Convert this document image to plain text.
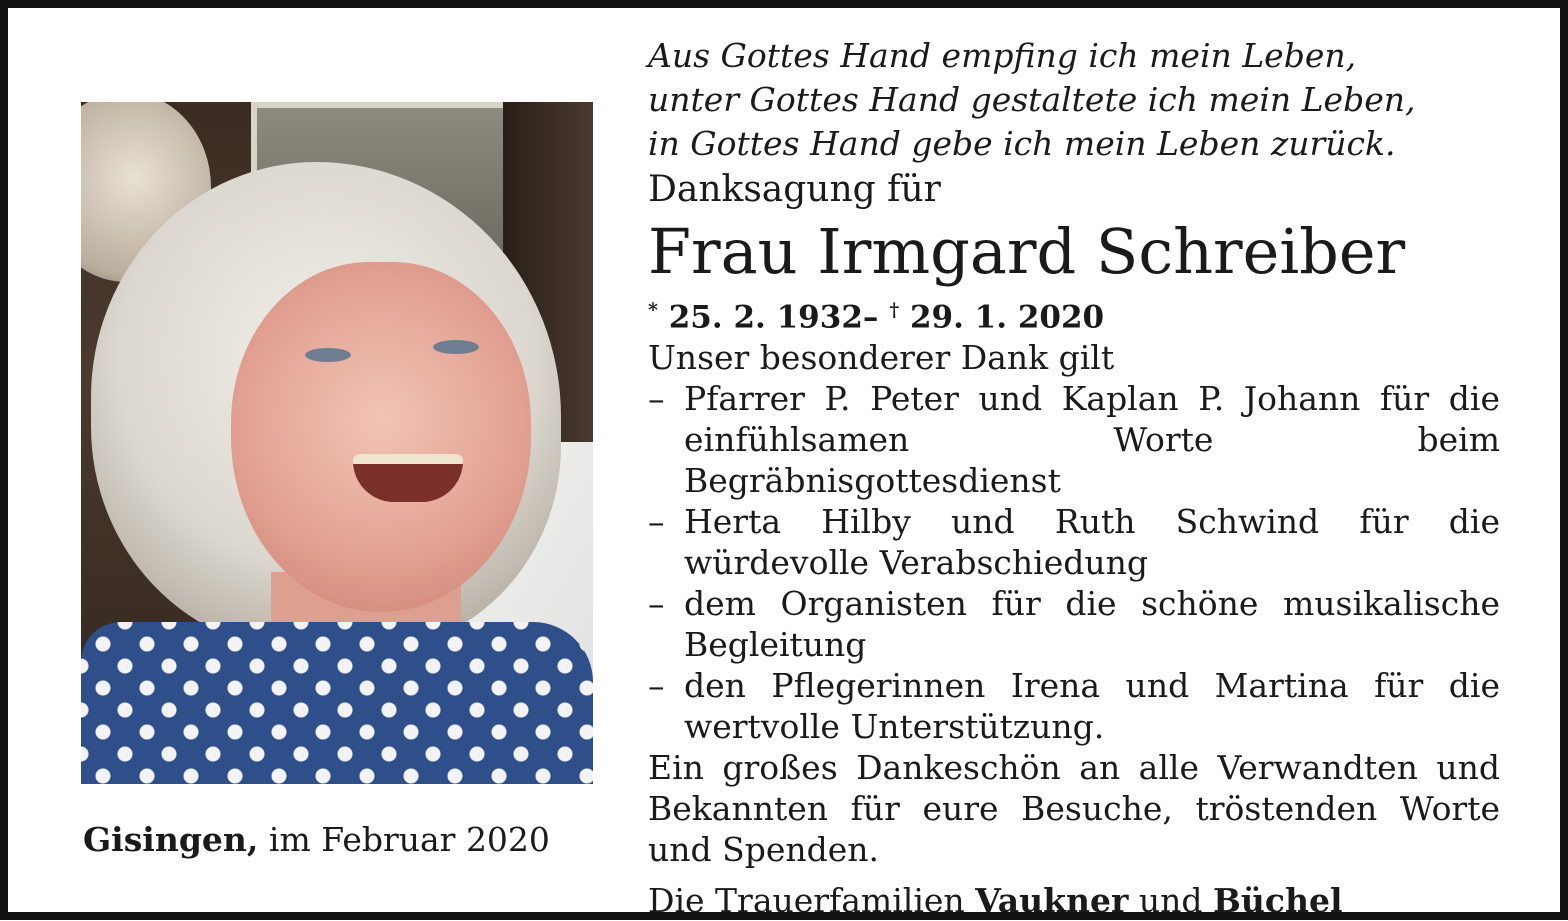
Gisingen, im Februar 2020
Aus Gottes Hand empfing ich mein Leben,
unter Gottes Hand gestaltete ich mein Leben,
in Gottes Hand gebe ich mein Leben zurück.
Danksagung für
Frau Irmgard Schreiber
* 25. 2. 1932– † 29. 1. 2020
Unser besonderer Dank gilt
– Pfarrer P. Peter und Kaplan P. Johann für die einfühlsamen Worte beim Begräbnisgottesdienst
– Herta Hilby und Ruth Schwind für die würdevolle Verabschiedung
– dem Organisten für die schöne musikalische Begleitung
– den Pflegerinnen Irena und Martina für die wertvolle Unterstützung.
Ein großes Dankeschön an alle Verwandten und Bekannten für eure Besuche, tröstenden Worte und Spenden.
Die Trauerfamilien Vaukner und Büchel
